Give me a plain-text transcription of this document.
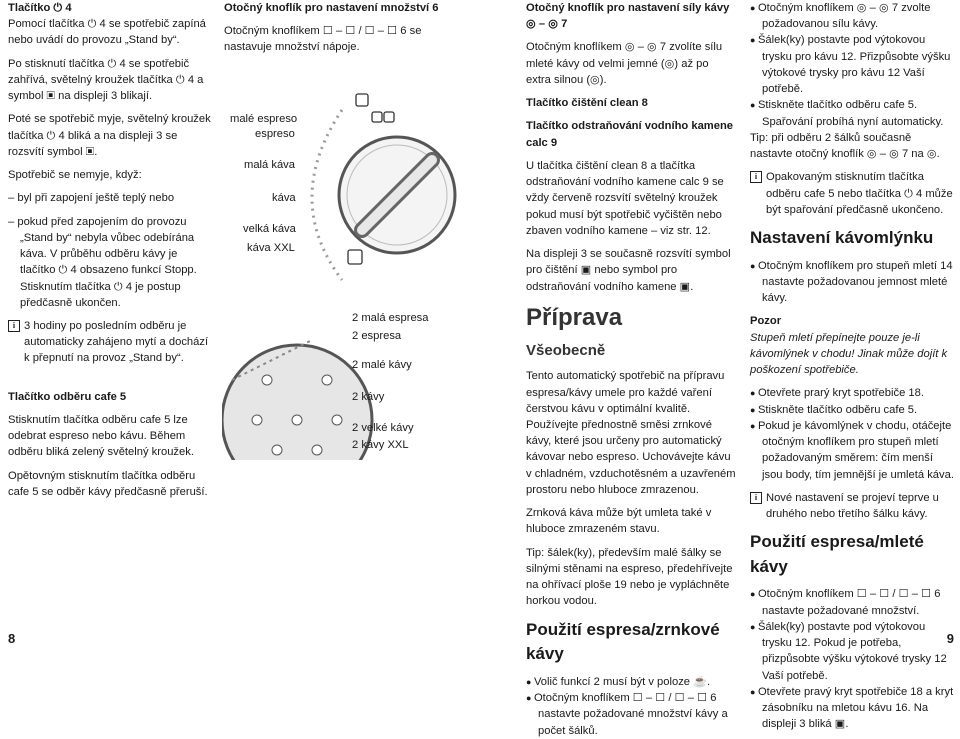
Tlačítko ⏻ 4

Pomocí tlačítka ⏻ 4 se spotřebič zapíná nebo uvádí do provozu „Stand by“.

Po stisknutí tlačítka ⏻ 4 se spotřebič zahřívá, světelný kroužek tlačítka ⏻ 4 a symbol ▣ na displeji 3 blikají.

Poté se spotřebič myje, světelný kroužek tlačítka ⏻ 4 bliká a na displeji 3 se rozsvítí symbol ▣.

Spotřebič se nemyje, když:

– byl při zapojení ještě teplý nebo

– pokud před zapojením do provozu „Stand by“ nebyla vůbec odebírána káva. V průběhu odběru kávy je tlačítko ⏻ 4 obsazeno funkcí Stopp. Stisknutím tlačítka ⏻ 4 je postup předčasně ukončen.

i 3 hodiny po posledním odběru je automaticky zahájeno mytí a dochází k přepnutí na provoz „Stand by“.

Tlačítko odběru cafe 5

Stisknutím tlačítka odběru cafe 5 lze odebrat espreso nebo kávu. Během odběru bliká zelený světelný kroužek.

Opětovným stisknutím tlačítka odběru cafe 5 se odběr kávy předčasně přeruší.

8

Otočný knoflík pro nastavení množství 6

Otočným knoflíkem ☐ – ☐ / ☐ – ☐ 6 se nastavuje množství nápoje.

malé espreso
espreso
malá káva
káva
velká káva
káva XXL
2 malá espresa
2 espresa
2 malé kávy
2 kávy
2 velké kávy
2 kávy XXL

Otočný knoflík pro nastavení síly kávy ◎ – ◎ 7

Otočným knoflíkem ◎ – ◎ 7 zvolíte sílu mleté kávy od velmi jemné (◎) až po extra silnou (◎).

Tlačítko čištění clean 8

Tlačítko odstraňování vodního kamene calc 9

U tlačítka čištění clean 8 a tlačítka odstraňování vodního kamene calc 9 se vždy červeně rozsvítí světelný kroužek pokud musí být spotřebič vyčištěn nebo zbaven vodního kamene – viz str. 12.

Na displeji 3 se současně rozsvítí symbol pro čištění ▣ nebo symbol pro odstraňování vodního kamene ▣.

Příprava

Všeobecně

Tento automatický spotřebič na přípravu espresa/kávy umele pro každé vaření čerstvou kávu v optimální kvalitě.

Používejte přednostně směsi zrnkové kávy, které jsou určeny pro automatický kávovar nebo espreso. Uchovávejte kávu v chladném, vzduchotěsném a uzavřeném prostoru nebo hluboce zmrazenou.

Zrnková káva může být umleta také v hluboce zmrazeném stavu.

Tip: šálek(ky), především malé šálky se silnými stěnami na espreso, předehřívejte na ohřívací ploše 19 nebo je vypláchněte horkou vodou.

Použití espresa/zrnkové kávy

● Volič funkcí 2 musí být v poloze ☕.

● Otočným knoflíkem ☐ – ☐ / ☐ – ☐ 6 nastavte požadované množství kávy a počet šálků.

● Otočným knoflíkem ◎ – ◎ 7 zvolte požadovanou sílu kávy.

● Šálek(ky) postavte pod výtokovou trysku pro kávu 12. Přizpůsobte výšku výtokové trysky pro kávu 12 Vaší potřebě.

● Stiskněte tlačítko odběru cafe 5. Spařování probíhá nyní automaticky.

Tip: při odběru 2 šálků současně nastavte otočný knoflík ◎ – ◎ 7 na ◎.

i Opakovaným stisknutím tlačítka odběru cafe 5 nebo tlačítka ⏻ 4 může být spařování předčasně ukončeno.

Nastavení kávomlýnku

● Otočným knoflíkem pro stupeň mletí 14 nastavte požadovanou jemnost mleté kávy.

Pozor

Stupeň mletí přepínejte pouze je-li kávomlýnek v chodu! Jinak může dojít k poškození spotřebiče.

● Otevřete prarý kryt spotřebiče 18.

● Stiskněte tlačítko odběru cafe 5.

● Pokud je kávomlýnek v chodu, otáčejte otočným knoflíkem pro stupeň mletí požadovaným směrem: čím menší jsou body, tím jemnější je umletá káva.

i Nové nastavení se projeví teprve u druhého nebo třetího šálku kávy.

Použití espresa/mleté kávy

● Otočným knoflíkem ☐ – ☐ / ☐ – ☐ 6 nastavte požadované množství.

● Šálek(ky) postavte pod výtokovou trysku 12. Pokud je potřeba, přizpůsobte výšku výtokové trysky 12 Vaší potřebě.

● Otevřete pravý kryt spotřebiče 18 a kryt zásobníku na mletou kávu 16. Na displeji 3 bliká ▣.

9
